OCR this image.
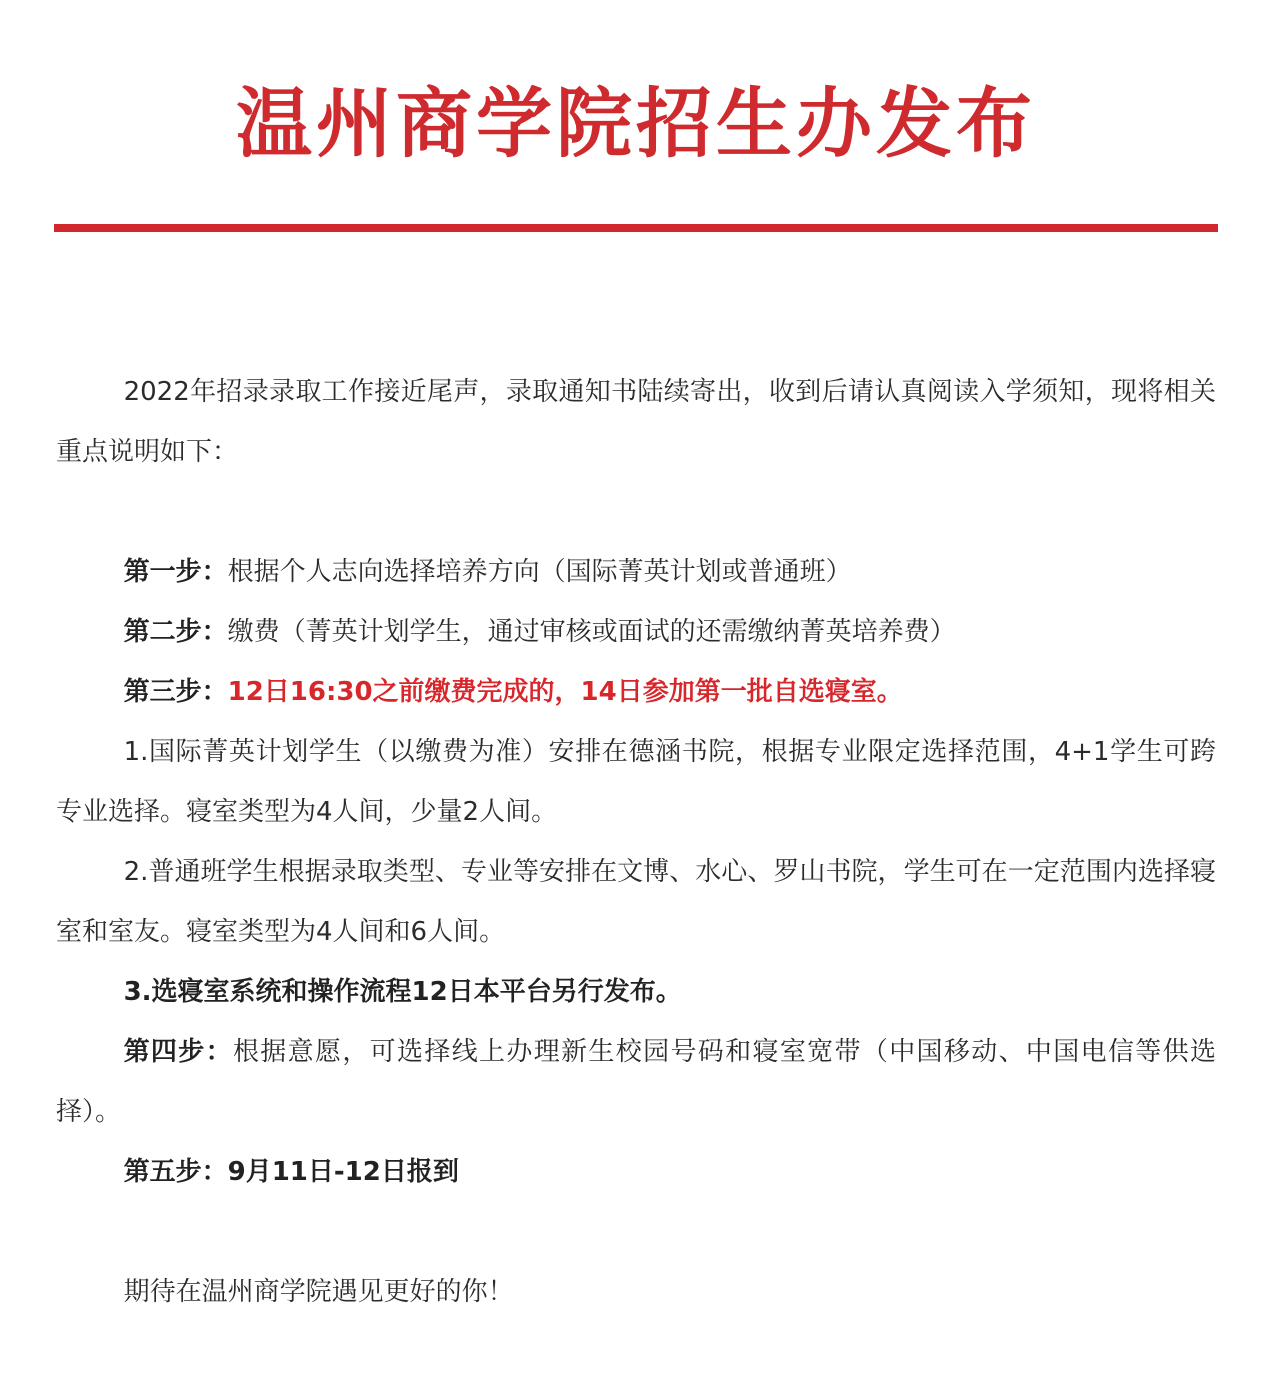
温州商学院招生办发布

2022年招录录取工作接近尾声，录取通知书陆续寄出，收到后请认真阅读入学须知，现将相关重点说明如下：

第一步：根据个人志向选择培养方向（国际菁英计划或普通班）

第二步：缴费（菁英计划学生，通过审核或面试的还需缴纳菁英培养费）

第三步：12日16:30之前缴费完成的，14日参加第一批自选寝室。

1.国际菁英计划学生（以缴费为准）安排在德涵书院，根据专业限定选择范围，4+1学生可跨专业选择。寝室类型为4人间，少量2人间。

2.普通班学生根据录取类型、专业等安排在文博、水心、罗山书院，学生可在一定范围内选择寝室和室友。寝室类型为4人间和6人间。

3.选寝室系统和操作流程12日本平台另行发布。

第四步：根据意愿，可选择线上办理新生校园号码和寝室宽带（中国移动、中国电信等供选择）。

第五步：9月11日-12日报到

期待在温州商学院遇见更好的你！
